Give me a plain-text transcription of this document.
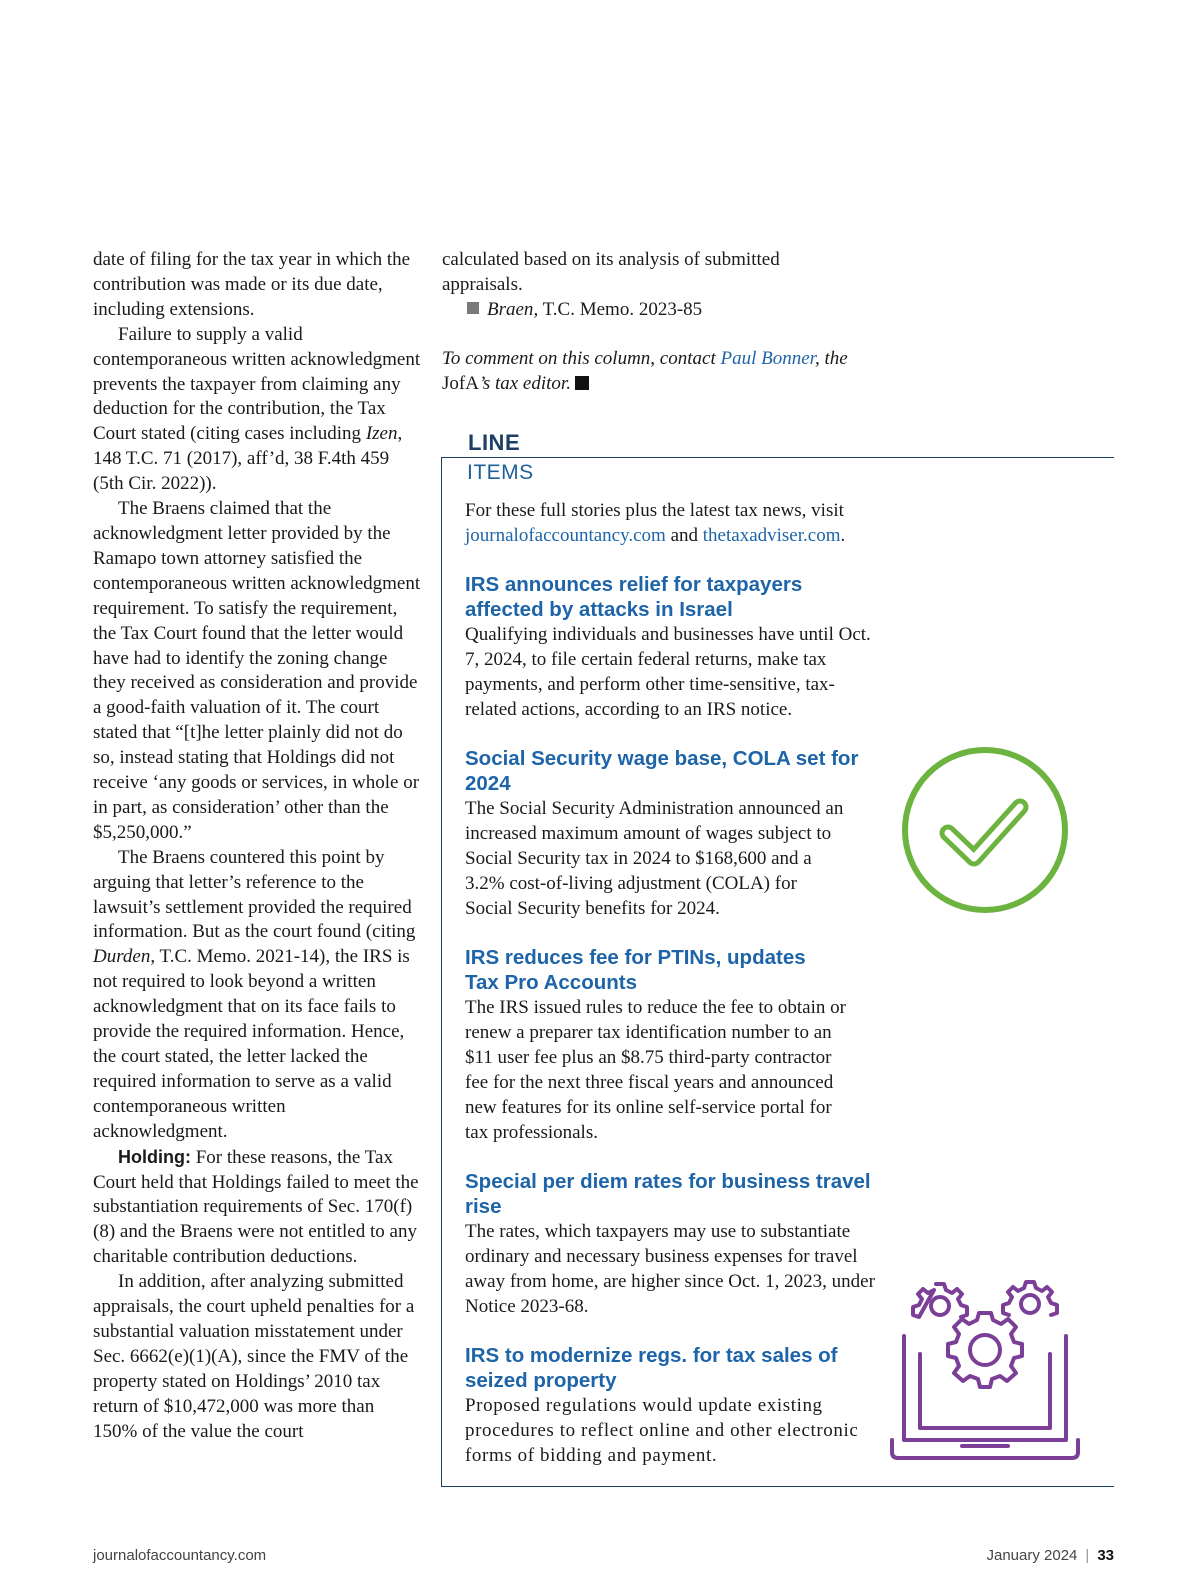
date of filing for the tax year in which the contribution was made or its due date, including extensions.

Failure to supply a valid contemporaneous written acknowledgment prevents the taxpayer from claiming any deduction for the contribution, the Tax Court stated (citing cases including Izen, 148 T.C. 71 (2017), aff’d, 38 F.4th 459 (5th Cir. 2022)).

The Braens claimed that the acknowledgment letter provided by the Ramapo town attorney satisfied the contemporaneous written acknowledgment requirement. To satisfy the requirement, the Tax Court found that the letter would have had to identify the zoning change they received as consideration and provide a good-faith valuation of it. The court stated that “[t]he letter plainly did not do so, instead stating that Holdings did not receive ‘any goods or services, in whole or in part, as consideration’ other than the $5,250,000.”

The Braens countered this point by arguing that letter’s reference to the lawsuit’s settlement provided the required information. But as the court found (citing Durden, T.C. Memo. 2021-14), the IRS is not required to look beyond a written acknowledgment that on its face fails to provide the required information. Hence, the court stated, the letter lacked the required information to serve as a valid contemporaneous written acknowledgment.

Holding: For these reasons, the Tax Court held that Holdings failed to meet the substantiation requirements of Sec. 170(f)(8) and the Braens were not entitled to any charitable contribution deductions.

In addition, after analyzing submitted appraisals, the court upheld penalties for a substantial valuation misstatement under Sec. 6662(e)(1)(A), since the FMV of the property stated on Holdings’ 2010 tax return of $10,472,000 was more than 150% of the value the court

calculated based on its analysis of submitted appraisals.

Braen, T.C. Memo. 2023-85

To comment on this column, contact Paul Bonner, the JofA’s tax editor.

LINE
ITEMS

For these full stories plus the latest tax news, visit journalofaccountancy.com and thetaxadviser.com.

IRS announces relief for taxpayers affected by attacks in Israel

Qualifying individuals and businesses have until Oct. 7, 2024, to file certain federal returns, make tax payments, and perform other time-sensitive, tax-related actions, according to an IRS notice.

Social Security wage base, COLA set for 2024

The Social Security Administration announced an increased maximum amount of wages subject to Social Security tax in 2024 to $168,600 and a 3.2% cost-of-living adjustment (COLA) for Social Security benefits for 2024.

IRS reduces fee for PTINs, updates Tax Pro Accounts

The IRS issued rules to reduce the fee to obtain or renew a preparer tax identification number to an $11 user fee plus an $8.75 third-party contractor fee for the next three fiscal years and announced new features for its online self-service portal for tax professionals.

Special per diem rates for business travel rise

The rates, which taxpayers may use to substantiate ordinary and necessary business expenses for travel away from home, are higher since Oct. 1, 2023, under Notice 2023-68.

IRS to modernize regs. for tax sales of seized property

Proposed regulations would update existing procedures to reflect online and other electronic forms of bidding and payment.

journalofaccountancy.com	January 2024 | 33
